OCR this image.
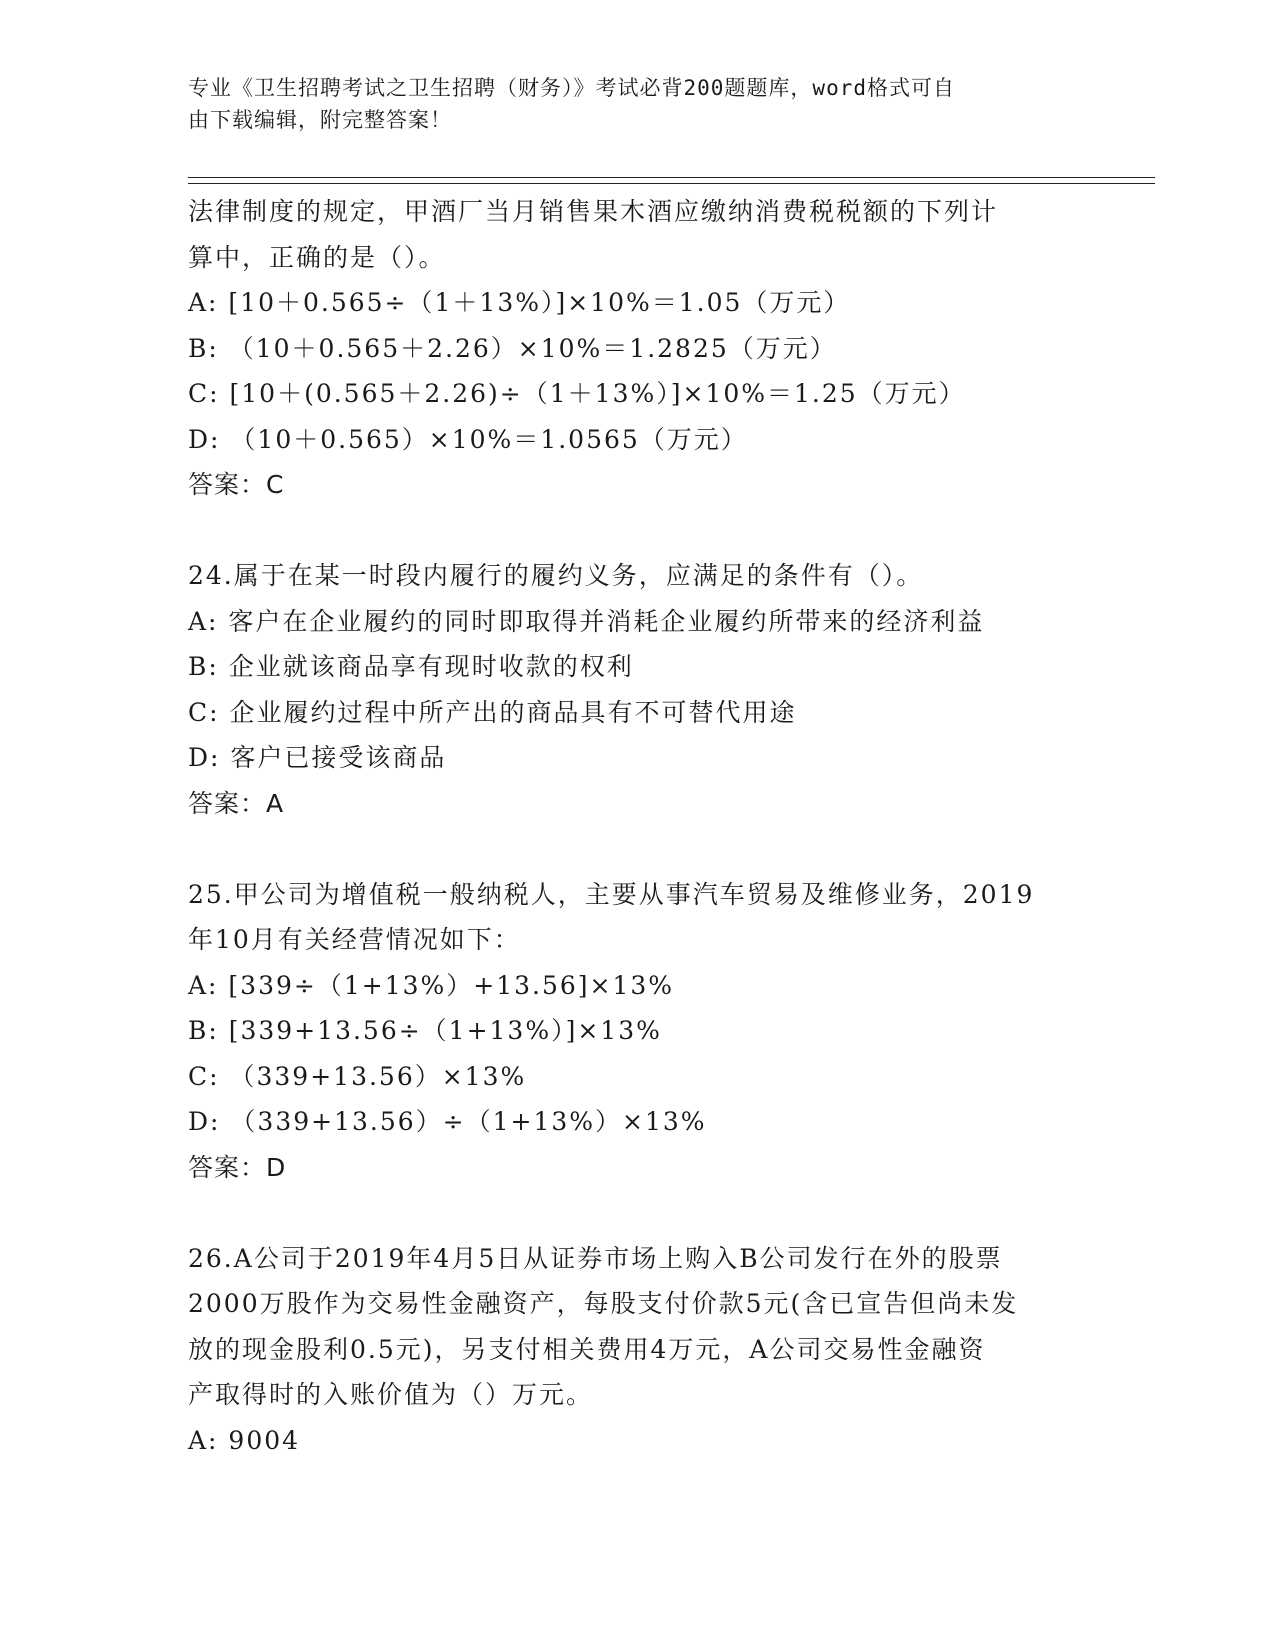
专业《卫生招聘考试之卫生招聘（财务）》考试必背200题题库，word格式可自
由下载编辑，附完整答案！
法律制度的规定，甲酒厂当月销售果木酒应缴纳消费税税额的下列计
算中，正确的是（）。
A: [10＋0.565÷（1＋13%）]×10%＝1.05（万元）
B: （10＋0.565＋2.26）×10%＝1.2825（万元）
C: [10＋(0.565＋2.26)÷（1＋13%）]×10%＝1.25（万元）
D: （10＋0.565）×10%＝1.0565（万元）
答案：C
24.属于在某一时段内履行的履约义务，应满足的条件有（）。
A: 客户在企业履约的同时即取得并消耗企业履约所带来的经济利益
B: 企业就该商品享有现时收款的权利
C: 企业履约过程中所产出的商品具有不可替代用途
D: 客户已接受该商品
答案：A
25.甲公司为增值税一般纳税人，主要从事汽车贸易及维修业务，2019
年10月有关经营情况如下：
A: [339÷（1+13%）+13.56]×13%
B: [339+13.56÷（1+13%）]×13%
C: （339+13.56）×13%
D: （339+13.56）÷（1+13%）×13%
答案：D
26.A公司于2019年4月5日从证券市场上购入B公司发行在外的股票
2000万股作为交易性金融资产，每股支付价款5元(含已宣告但尚未发
放的现金股利0.5元)，另支付相关费用4万元，A公司交易性金融资
产取得时的入账价值为（）万元。
A: 9004
